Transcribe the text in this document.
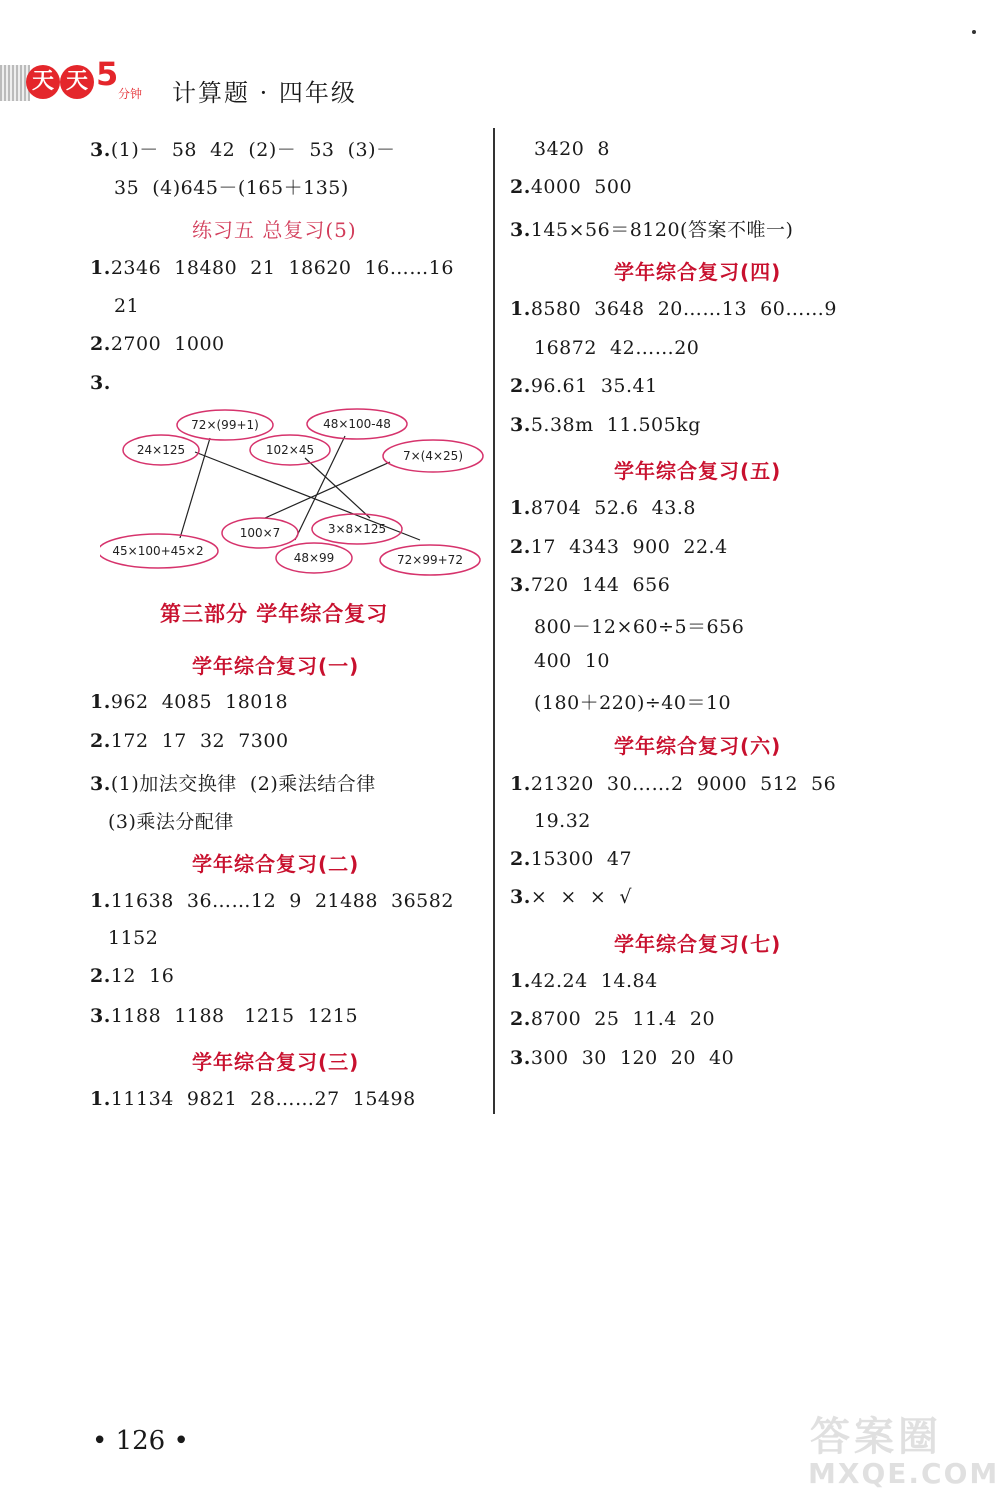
天 天 5
分钟 计算题 · 四年级
3.(1)－  58  42  (2)－  53  (3)－
35  (4)645－(165＋135)
练习五 总复习(5)
1.2346  18480  21  18620  16……16
21
2.2700  1000
3.
72×(99+1)	48×100-48
24×125	102×45	7×(4×25)
100×7	3×8×125
45×100+45×2	48×99	72×99+72
第三部分 学年综合复习
学年综合复习(一)
1.962  4085  18018
2.172  17  32  7300
3.(1)加法交换律  (2)乘法结合律
(3)乘法分配律
学年综合复习(二)
1.11638  36……12  9  21488  36582
1152
2.12  16
3.1188  1188   1215  1215
学年综合复习(三)
1.11134  9821  28……27  15498
3420  8
2.4000  500
3.145×56＝8120(答案不唯一)
学年综合复习(四)
1.8580  3648  20……13  60……9
16872  42……20
2.96.61  35.41
3.5.38m  11.505kg
学年综合复习(五)
1.8704  52.6  43.8
2.17  4343  900  22.4
3.720  144  656
800－12×60÷5＝656
400  10
(180＋220)÷40＝10
学年综合复习(六)
1.21320  30……2  9000  512  56
19.32
2.15300  47
3.×  ×  ×  √
学年综合复习(七)
1.42.24  14.84
2.8700  25  11.4  20
3.300  30  120  20  40
• 126 •	答案圈
MXQE.COM
